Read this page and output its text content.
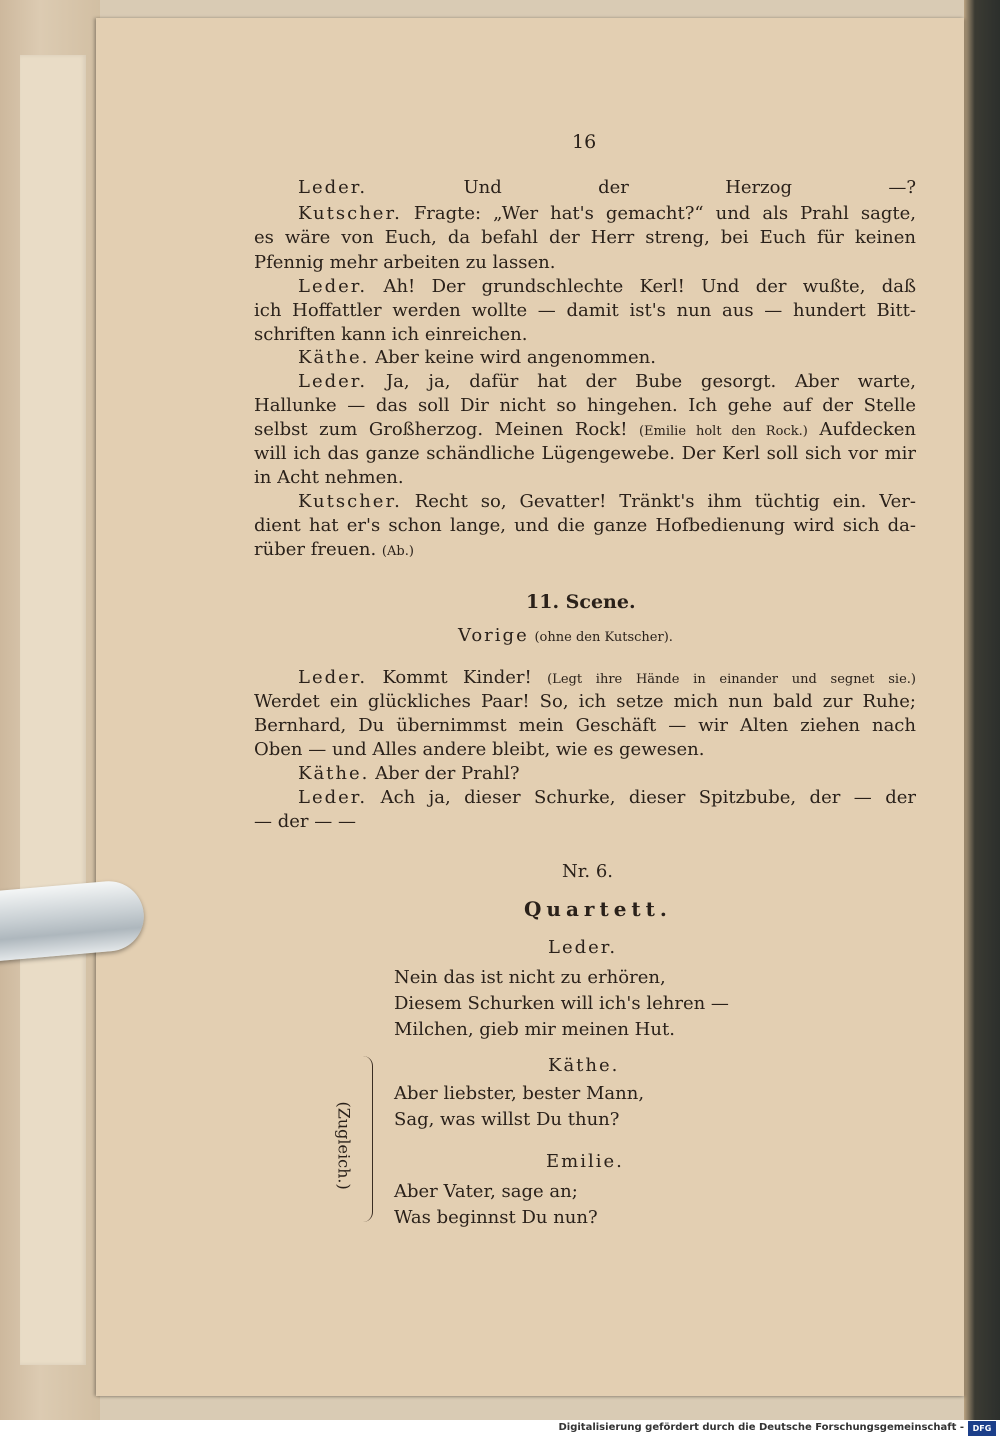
16

Leder.	Und der Herzog —?

Kutscher. Fragte: „Wer hat's gemacht?“ und als Prahl sagte,

es wäre von Euch, da befahl der Herr streng, bei Euch für keinen

Pfennig mehr arbeiten zu lassen.

Leder. Ah! Der grundschlechte Kerl! Und der wußte, daß

ich Hoffattler werden wollte — damit ist's nun aus — hundert Bitt-

schriften kann ich einreichen.

Käthe. Aber keine wird angenommen.

Leder. Ja, ja, dafür hat der Bube gesorgt. Aber warte,

Hallunke — das soll Dir nicht so hingehen. Ich gehe auf der Stelle

selbst zum Großherzog. Meinen Rock! (Emilie holt den Rock.) Aufdecken

will ich das ganze schändliche Lügengewebe. Der Kerl soll sich vor mir

in Acht nehmen.

Kutscher. Recht so, Gevatter! Tränkt's ihm tüchtig ein. Ver-

dient hat er's schon lange, und die ganze Hofbedienung wird sich da-

rüber freuen. (Ab.)

11. Scene.

Vorige (ohne den Kutscher).

Leder. Kommt Kinder! (Legt ihre Hände in einander und segnet sie.)

Werdet ein glückliches Paar! So, ich setze mich nun bald zur Ruhe;

Bernhard, Du übernimmst mein Geschäft — wir Alten ziehen nach

Oben — und Alles andere bleibt, wie es gewesen.

Käthe. Aber der Prahl?

Leder. Ach ja, dieser Schurke, dieser Spitzbube, der — der

— der — —

Nr. 6.

Quartett.

Leder.

Nein das ist nicht zu erhören,

Diesem Schurken will ich's lehren —

Milchen, gieb mir meinen Hut.

Käthe.

Aber liebster, bester Mann,

Sag, was willst Du thun?

Emilie.

Aber Vater, sage an;

Was beginnst Du nun?

(Zugleich.)
Digitalisierung gefördert durch die Deutsche Forschungsgemeinschaft -	DFG
